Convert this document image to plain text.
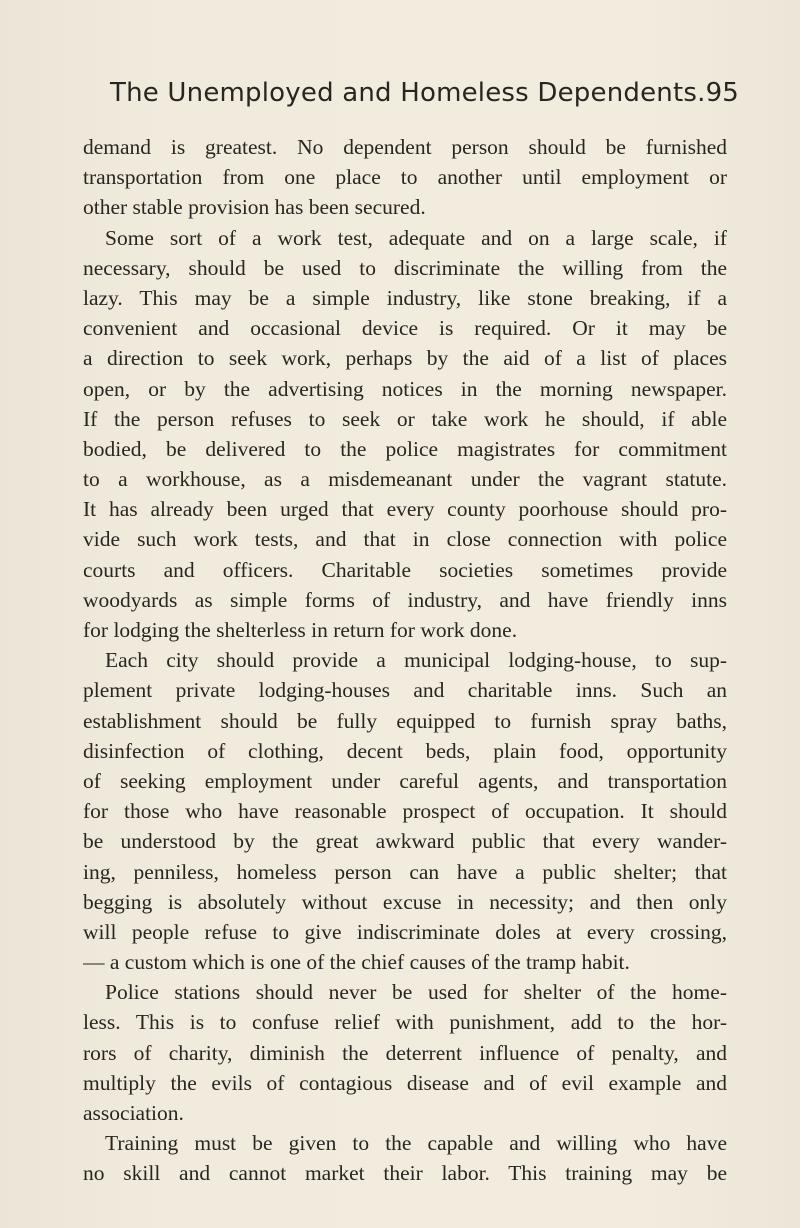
The Unemployed and Homeless Dependents. 95
demand is greatest. No dependent person should be furnished
transportation from one place to another until employment or
other stable provision has been secured.
Some sort of a work test, adequate and on a large scale, if
necessary, should be used to discriminate the willing from the
lazy. This may be a simple industry, like stone breaking, if a
convenient and occasional device is required. Or it may be
a direction to seek work, perhaps by the aid of a list of places
open, or by the advertising notices in the morning newspaper.
If the person refuses to seek or take work he should, if able
bodied, be delivered to the police magistrates for commitment
to a workhouse, as a misdemeanant under the vagrant statute.
It has already been urged that every county poorhouse should pro-
vide such work tests, and that in close connection with police
courts and officers. Charitable societies sometimes provide
woodyards as simple forms of industry, and have friendly inns
for lodging the shelterless in return for work done.
Each city should provide a municipal lodging-house, to sup-
plement private lodging-houses and charitable inns. Such an
establishment should be fully equipped to furnish spray baths,
disinfection of clothing, decent beds, plain food, opportunity
of seeking employment under careful agents, and transportation
for those who have reasonable prospect of occupation. It should
be understood by the great awkward public that every wander-
ing, penniless, homeless person can have a public shelter; that
begging is absolutely without excuse in necessity; and then only
will people refuse to give indiscriminate doles at every crossing,
— a custom which is one of the chief causes of the tramp habit.
Police stations should never be used for shelter of the home-
less. This is to confuse relief with punishment, add to the hor-
rors of charity, diminish the deterrent influence of penalty, and
multiply the evils of contagious disease and of evil example and
association.
Training must be given to the capable and willing who have
no skill and cannot market their labor. This training may be
